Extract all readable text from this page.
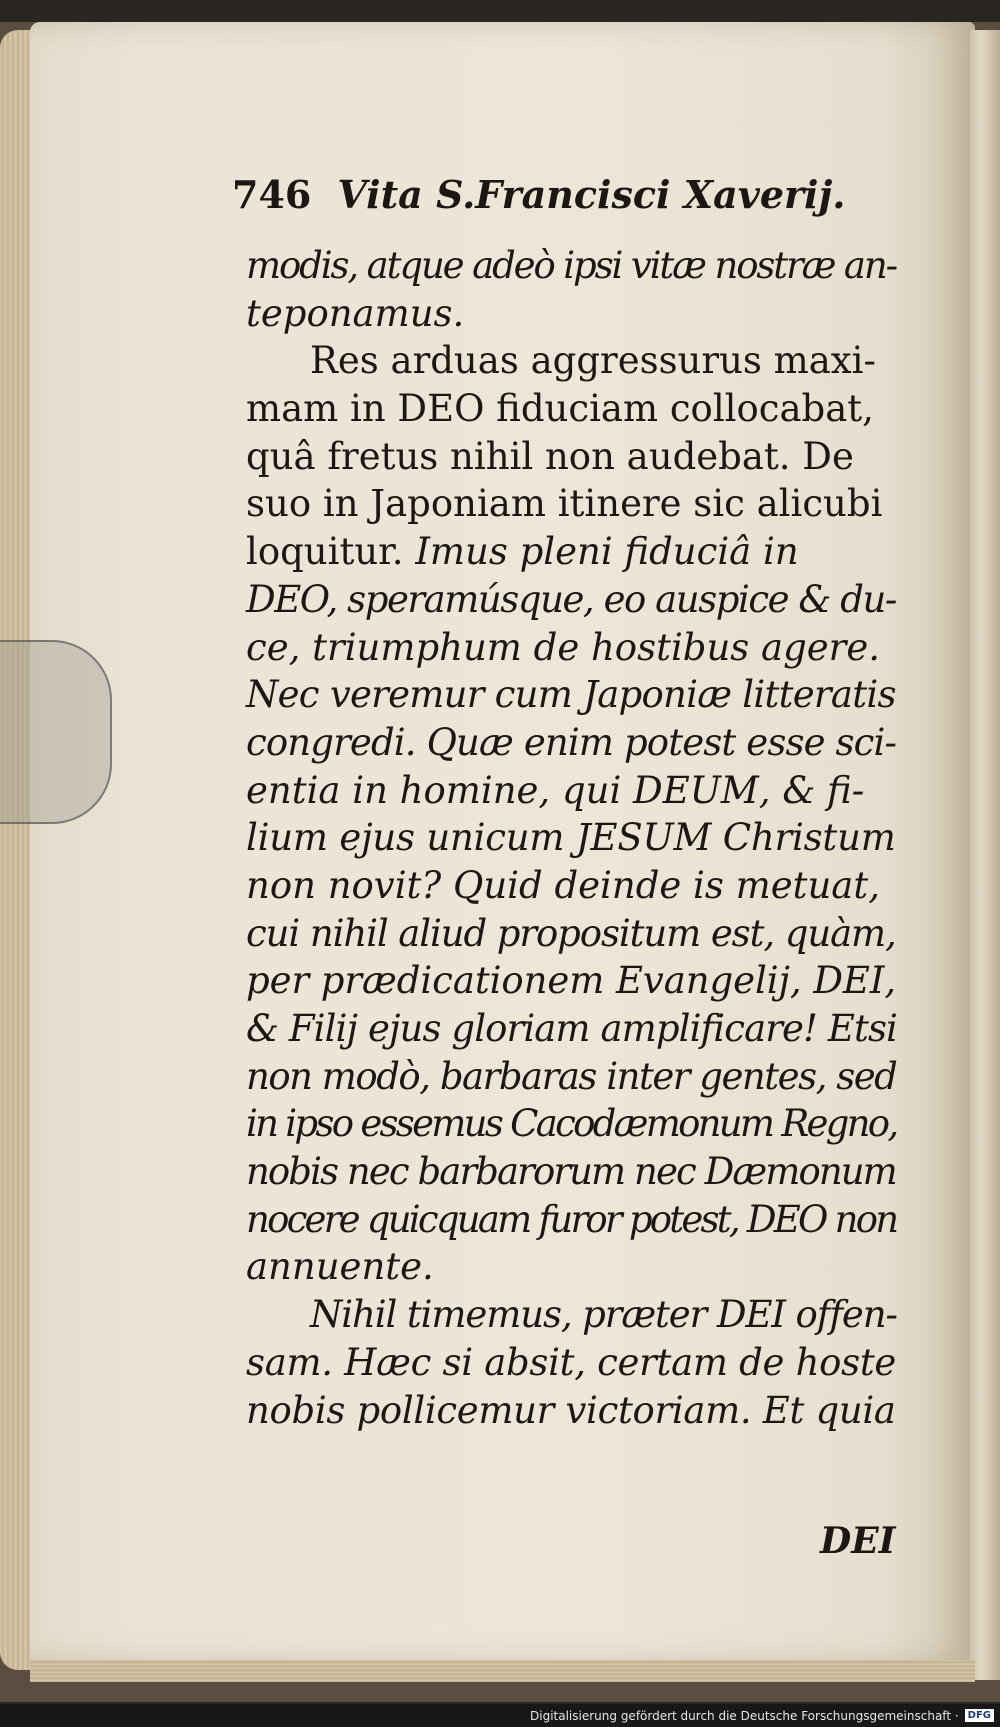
746 Vita S.Francisci Xaverij.
modis, atque adeò ipsi vitæ nostræ an-
teponamus.
Res arduas aggressurus maxi-
mam in DEO fiduciam collocabat,
quâ fretus nihil non audebat. De
suo in Japoniam itinere sic alicubi
loquitur. Imus pleni fiduciâ in
DEO, speramúsque, eo auspice & du-
ce, triumphum de hostibus agere.
Nec veremur cum Japoniæ litteratis
congredi. Quæ enim potest esse sci-
entia in homine, qui DEUM, & fi-
lium ejus unicum JESUM Christum
non novit? Quid deinde is metuat,
cui nihil aliud propositum est, quàm,
per prædicationem Evangelij, DEI,
& Filij ejus gloriam amplificare! Etsi
non modò, barbaras inter gentes, sed
in ipso essemus Cacodæmonum Regno,
nobis nec barbarorum nec Dæmonum
nocere quicquam furor potest, DEO non
annuente.
Nihil timemus, præter DEI offen-
sam. Hæc si absit, certam de hoste
nobis pollicemur victoriam. Et quia
DEI
Digitalisierung gefördert durch die Deutsche Forschungsgemeinschaft · DFG
